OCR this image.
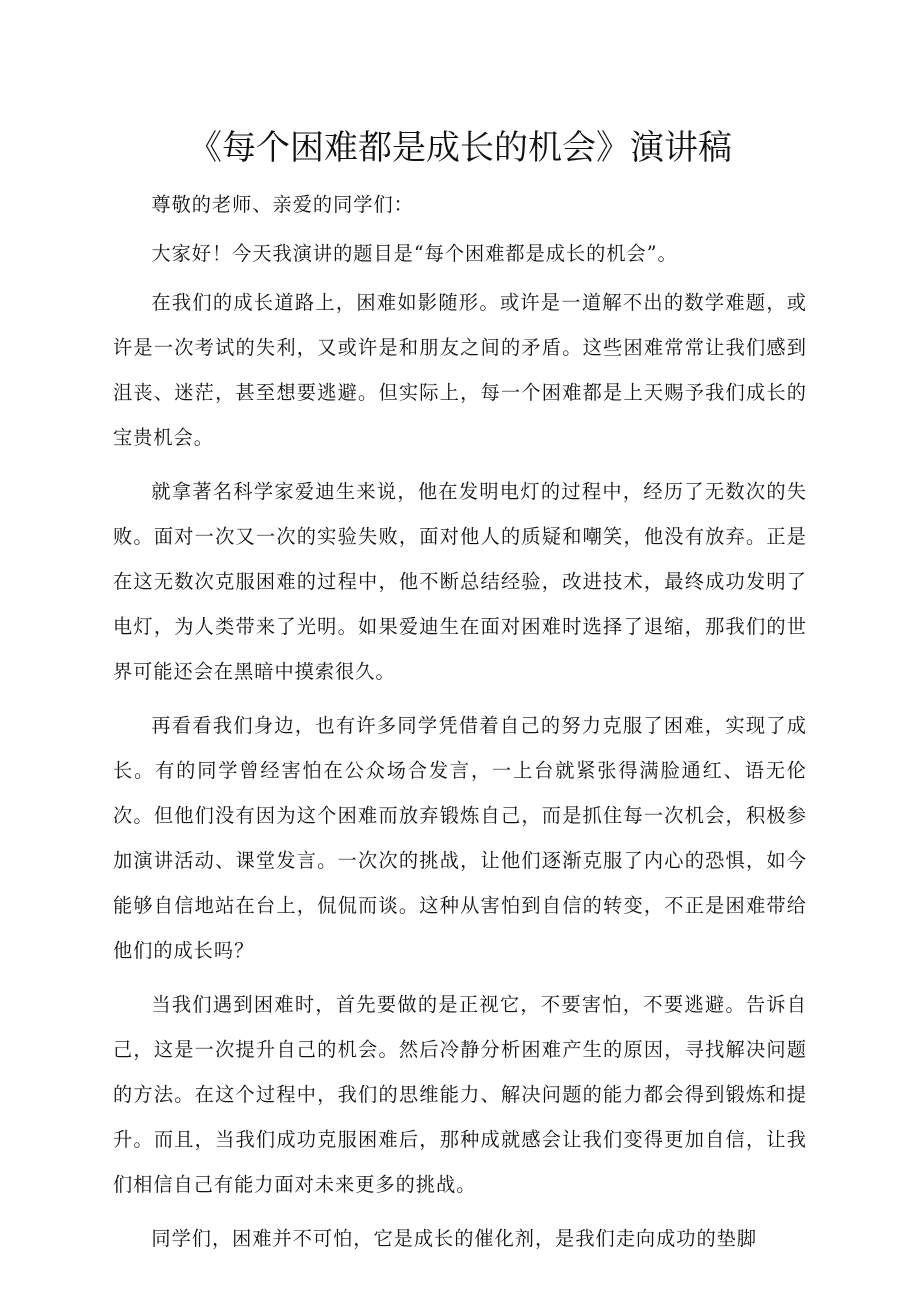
《每个困难都是成长的机会》演讲稿

尊敬的老师、亲爱的同学们：

大家好！今天我演讲的题目是“每个困难都是成长的机会”。

在我们的成长道路上，困难如影随形。或许是一道解不出的数学难题，或许是一次考试的失利，又或许是和朋友之间的矛盾。这些困难常常让我们感到沮丧、迷茫，甚至想要逃避。但实际上，每一个困难都是上天赐予我们成长的宝贵机会。

就拿著名科学家爱迪生来说，他在发明电灯的过程中，经历了无数次的失败。面对一次又一次的实验失败，面对他人的质疑和嘲笑，他没有放弃。正是在这无数次克服困难的过程中，他不断总结经验，改进技术，最终成功发明了电灯，为人类带来了光明。如果爱迪生在面对困难时选择了退缩，那我们的世界可能还会在黑暗中摸索很久。

再看看我们身边，也有许多同学凭借着自己的努力克服了困难，实现了成长。有的同学曾经害怕在公众场合发言，一上台就紧张得满脸通红、语无伦次。但他们没有因为这个困难而放弃锻炼自己，而是抓住每一次机会，积极参加演讲活动、课堂发言。一次次的挑战，让他们逐渐克服了内心的恐惧，如今能够自信地站在台上，侃侃而谈。这种从害怕到自信的转变，不正是困难带给他们的成长吗？

当我们遇到困难时，首先要做的是正视它，不要害怕，不要逃避。告诉自己，这是一次提升自己的机会。然后冷静分析困难产生的原因，寻找解决问题的方法。在这个过程中，我们的思维能力、解决问题的能力都会得到锻炼和提升。而且，当我们成功克服困难后，那种成就感会让我们变得更加自信，让我们相信自己有能力面对未来更多的挑战。

同学们，困难并不可怕，它是成长的催化剂，是我们走向成功的垫脚
